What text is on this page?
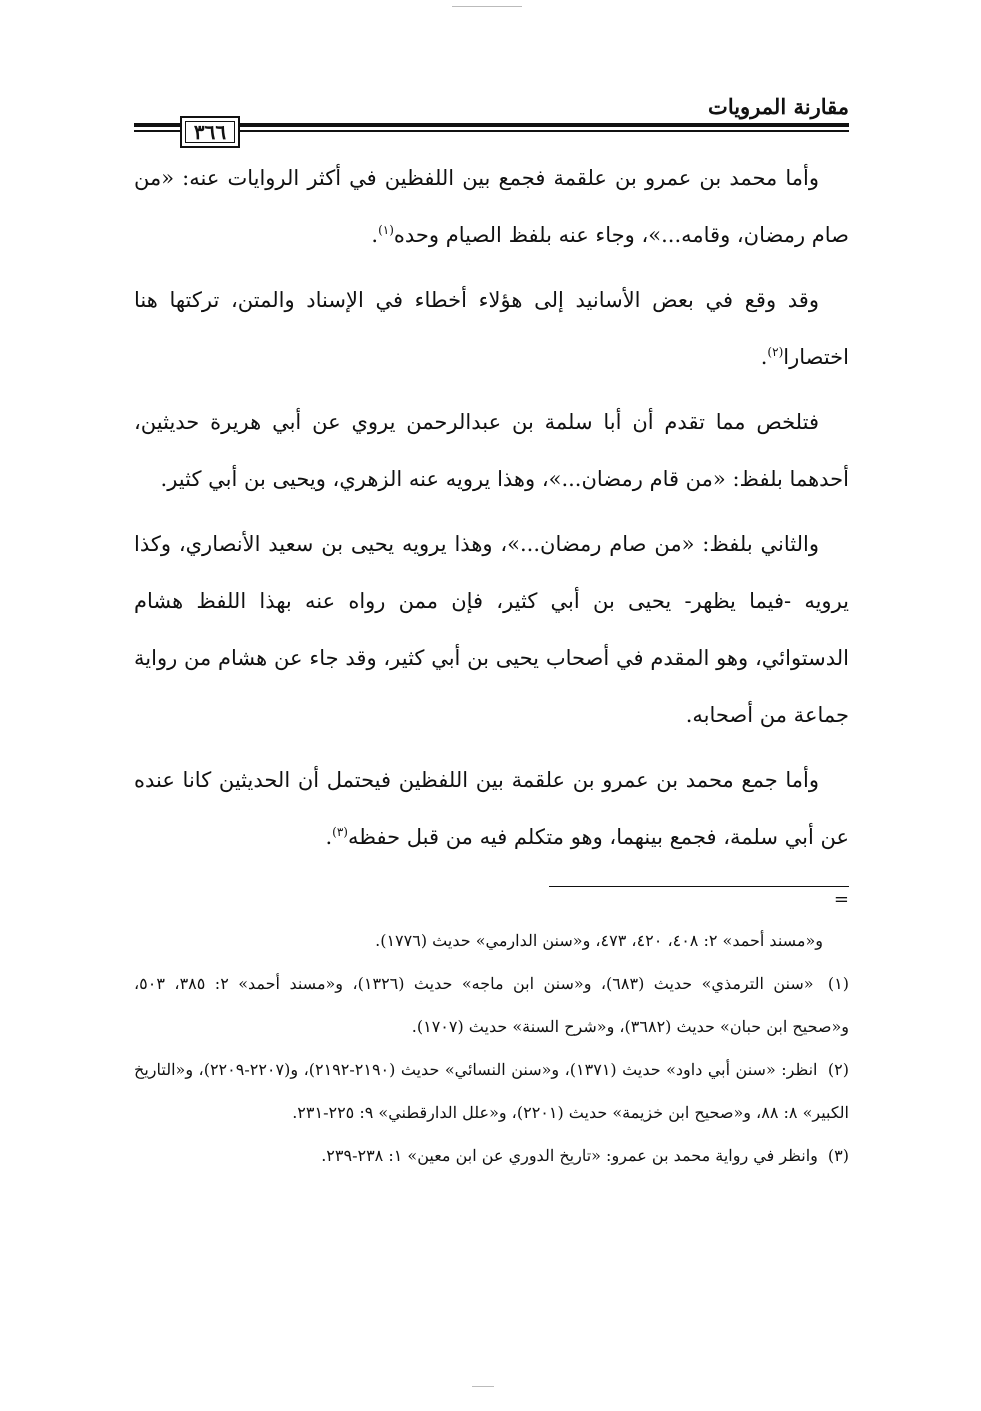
مقارنة المرويات
٣٦٦

وأما محمد بن عمرو بن علقمة فجمع بين اللفظين في أكثر الروايات عنه: «من صام رمضان، وقامه...»، وجاء عنه بلفظ الصيام وحده$^{(١)}$.

وقد وقع في بعض الأسانيد إلى هؤلاء أخطاء في الإسناد والمتن، تركتها هنا اختصارا$^{(٢)}$.

فتلخص مما تقدم أن أبا سلمة بن عبدالرحمن يروي عن أبي هريرة حديثين، أحدهما بلفظ: «من قام رمضان...»، وهذا يرويه عنه الزهري، ويحيى بن أبي كثير.

والثاني بلفظ: «من صام رمضان...»، وهذا يرويه يحيى بن سعيد الأنصاري، وكذا يرويه -فيما يظهر- يحيى بن أبي كثير، فإن ممن رواه عنه بهذا اللفظ هشام الدستوائي، وهو المقدم في أصحاب يحيى بن أبي كثير، وقد جاء عن هشام من رواية جماعة من أصحابه.

وأما جمع محمد بن عمرو بن علقمة بين اللفظين فيحتمل أن الحديثين كانا عنده عن أبي سلمة، فجمع بينهما، وهو متكلم فيه من قبل حفظه$^{(٣)}$.

=

و«مسند أحمد» ٢: ٤٠٨، ٤٢٠، ٤٧٣، و«سنن الدارمي» حديث (١٧٧٦).

(١) «سنن الترمذي» حديث (٦٨٣)، و«سنن ابن ماجه» حديث (١٣٢٦)، و«مسند أحمد» ٢: ٣٨٥، ٥٠٣، و«صحيح ابن حبان» حديث (٣٦٨٢)، و«شرح السنة» حديث (١٧٠٧).

(٢) انظر: «سنن أبي داود» حديث (١٣٧١)، و«سنن النسائي» حديث (٢١٩٠-٢١٩٢)، و(٢٢٠٧-٢٢٠٩)، و«التاريخ الكبير» ٨: ٨٨، و«صحيح ابن خزيمة» حديث (٢٢٠١)، و«علل الدارقطني» ٩: ٢٢٥-٢٣١.

(٣) وانظر في رواية محمد بن عمرو: «تاريخ الدوري عن ابن معين» ١: ٢٣٨-٢٣٩.
